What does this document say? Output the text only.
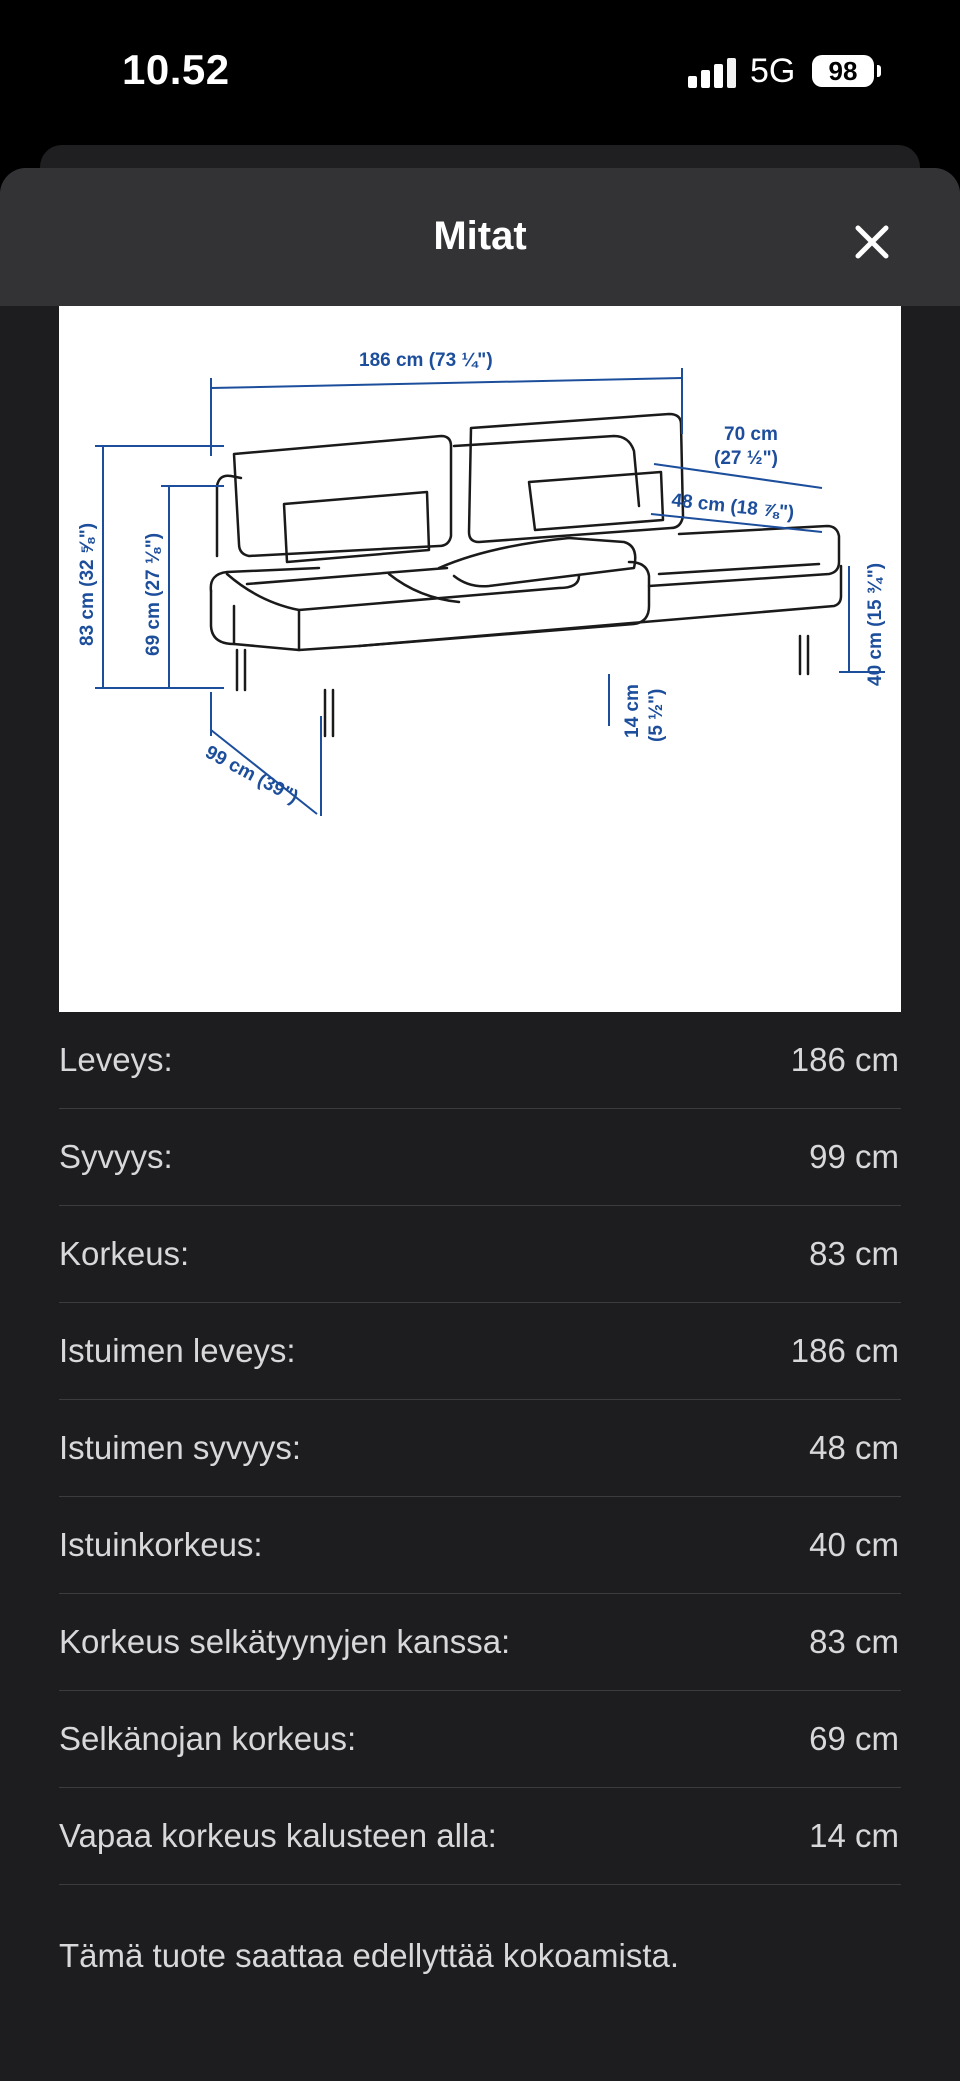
10.52	5G	98
Mitat
186 cm (73 ¼")
83 cm (32 ⅝") 69 cm (27 ⅛")
99 cm (39")
70 cm
(27 ½")
48 cm (18 ⅞")
40 cm (15 ¾")
14 cm (5 ½")
Leveys:	186 cm
Syvyys:	99 cm
Korkeus:	83 cm
Istuimen leveys:	186 cm
Istuimen syvyys:	48 cm
Istuinkorkeus:	40 cm
Korkeus selkätyynyjen kanssa:	83 cm
Selkänojan korkeus:	69 cm
Vapaa korkeus kalusteen alla:	14 cm
Tämä tuote saattaa edellyttää kokoamista.
